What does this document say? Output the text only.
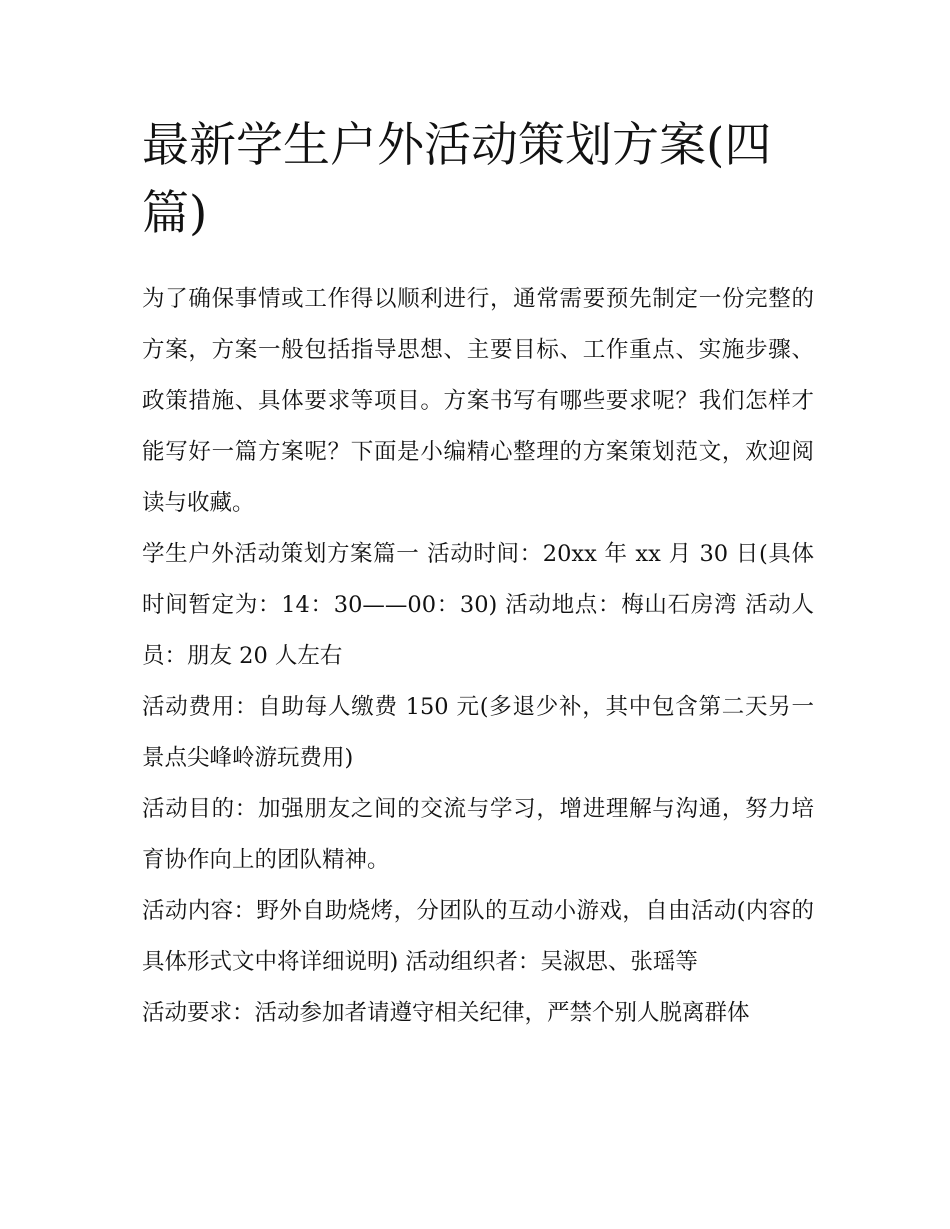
最新学生户外活动策划方案(四篇)

为了确保事情或工作得以顺利进行，通常需要预先制定一份完整的方案，方案一般包括指导思想、主要目标、工作重点、实施步骤、政策措施、具体要求等项目。方案书写有哪些要求呢？我们怎样才能写好一篇方案呢？下面是小编精心整理的方案策划范文，欢迎阅读与收藏。

学生户外活动策划方案篇一 活动时间：20xx 年 xx 月 30 日(具体时间暂定为：14：30——00：30) 活动地点：梅山石房湾 活动人员：朋友 20 人左右

活动费用：自助每人缴费 150 元(多退少补，其中包含第二天另一景点尖峰岭游玩费用)

活动目的：加强朋友之间的交流与学习，增进理解与沟通，努力培育协作向上的团队精神。

活动内容：野外自助烧烤，分团队的互动小游戏，自由活动(内容的具体形式文中将详细说明) 活动组织者：吴淑思、张瑶等

活动要求：活动参加者请遵守相关纪律，严禁个别人脱离群体
